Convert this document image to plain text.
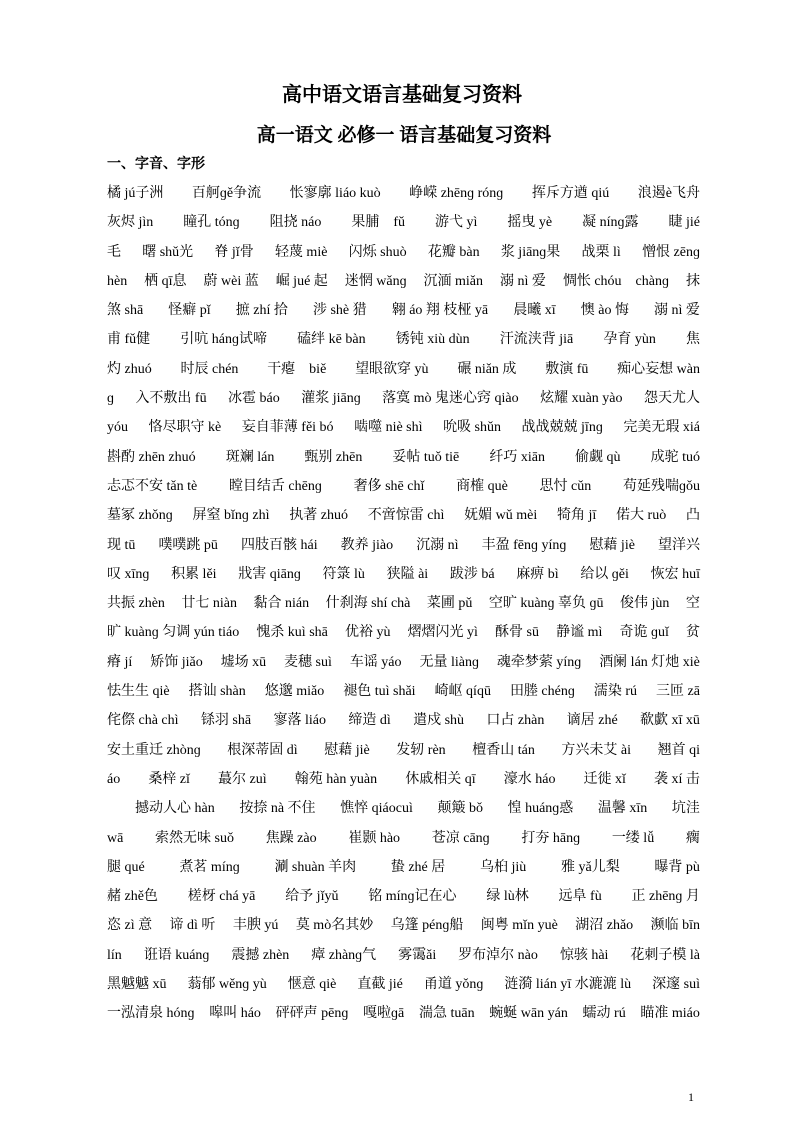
高中语文语言基础复习资料
高一语文 必修一 语言基础复习资料
一、字音、字形
橘 jú子洲 百舸ɡě争流 怅寥廓 liáo kuò 峥嵘 zhēnɡ rónɡ 挥斥方遒 qiú 浪遏è飞舟
灰烬 jìn 瞳孔 tónɡ 阻挠 náo 果脯　fǔ 游弋 yì 摇曳 yè 凝 nínɡ露 睫 jié
毛 曙 shǔ光 脊 jǐ骨 轻蔑 miè 闪烁 shuò 花瓣 bàn 浆 jiānɡ果 战栗 lì 憎恨 zēnɡ
hèn 栖 qī息 蔚 wèi 蓝 崛 jué 起 迷惘 wǎnɡ 沉湎 miǎn 溺 nì 爱 惆怅 chóu　chànɡ 抹
煞 shā 怪癖 pǐ 摭 zhí 拾 涉 shè 猎 翱 áo 翔 枝桠 yā 晨曦 xī 懊 ào 悔 溺 nì 爱
甫 fǔ健 引吭 hánɡ试啼 磕绊 kē bàn 锈钝 xiù dùn 汗流浃背 jiā 孕育 yùn 焦
灼 zhuó 时辰 chén 干瘪　biě 望眼欲穿 yù 碾 niǎn 成 敷演 fū 痴心妄想 wàn
ɡ 入不敷出 fū 冰雹 báo 灌浆 jiānɡ 落寞 mò 鬼迷心窍 qiào 炫耀 xuàn yào 怨天尤人
yóu 恪尽职守 kè 妄自菲薄 fěi bó 啮噬 niè shì 吮吸 shǔn 战战兢兢 jīnɡ 完美无瑕 xiá
斟酌 zhēn zhuó 斑斓 lán 甄别 zhēn 妥帖 tuǒ tiē 纤巧 xiān 偷觑 qù 成驼 tuó
忐忑不安 tǎn tè 瞠目结舌 chēnɡ 奢侈 shē chǐ 商榷 què 思忖 cǔn 苟延残喘ɡǒu
墓冢 zhǒnɡ 屏窒 bǐnɡ zhì 执著 zhuó 不啻惊雷 chì 妩媚 wǔ mèi 犄角 jī 偌大 ruò 凸
现 tū 噗噗跳 pū 四肢百骸 hái 教养 jiào 沉溺 nì 丰盈 fēnɡ yínɡ 慰藉 jiè 望洋兴
叹 xīnɡ 积累 lěi 戕害 qiānɡ 符箓 lù 狭隘 ài 跋涉 bá 麻痹 bì 给以 ɡěi 恢宏 huī
共振 zhèn 廿七 niàn 黏合 nián 什刹海 shí chà 菜圃 pǔ 空旷 kuànɡ 辜负 ɡū 俊伟 jùn 空
旷 kuànɡ 匀调 yún tiáo 愧杀 kuì shā 优裕 yù 熠熠闪光 yì 酥骨 sū 静谧 mì 奇诡 ɡuǐ 贫
瘠 jí 矫饰 jiǎo 墟场 xū 麦穗 suì 车谣 yáo 无量 liànɡ 魂牵梦萦 yínɡ 酒阑 lán 灯灺 xiè
怯生生 qiè 搭讪 shàn 悠邈 miǎo 褪色 tuì shǎi 崎岖 qíqū 田塍 chénɡ 濡染 rú 三匝 zā
侘傺 chà chì 铩羽 shā 寥落 liáo 缔造 dì 遣戍 shù 口占 zhàn 谪居 zhé 欷歔 xī xū
安土重迁 zhònɡ 根深蒂固 dì 慰藉 jiè 发轫 rèn 檀香山 tán 方兴未艾 ài 翘首 qi
áo 桑梓 zǐ 蕞尔 zuì 翰苑 hàn yuàn 休戚相关 qī 濠水 háo 迁徙 xǐ 袭 xí 击
　　撼动人心 hàn 按捺 nà 不住 憔悴 qiáocuì 颠簸 bǒ 惶 huánɡ惑 温馨 xīn 坑洼
wā 索然无味 suǒ 焦躁 zào 崔颢 hào 苍凉 cānɡ 打夯 hānɡ 一缕 lǚ 瘸
腿 qué 煮茗 mínɡ 涮 shuàn 羊肉 蛰 zhé 居 乌桕 jiù 雅 yǎ儿梨 曝背 pù
赭 zhě色 槎枒 chá yā 给予 jǐyǔ 铭 mínɡ记在心 绿 lù林 远阜 fù 正 zhēnɡ 月
恣 zì 意 谛 dì 听 丰腴 yú 莫 mò名其妙 乌篷 pénɡ船 闽粤 mǐn yuè 湖沼 zhǎo 濒临 bīn
lín 诳语 kuánɡ 震撼 zhèn 瘴 zhànɡ气 雾霭ǎi 罗布淖尔 nào 惊骇 hài 花刺子模 là
黑魆魆 xū 蓊郁 wěnɡ yù 惬意 qiè 直截 jié 甬道 yǒnɡ 涟漪 lián yī 水漉漉 lù 深邃 suì
一泓清泉 hónɡ 嗥叫 háo 砰砰声 pēnɡ 嘎啦ɡā 湍急 tuān 蜿蜒 wān yán 蠕动 rú 瞄准 miáo
1
